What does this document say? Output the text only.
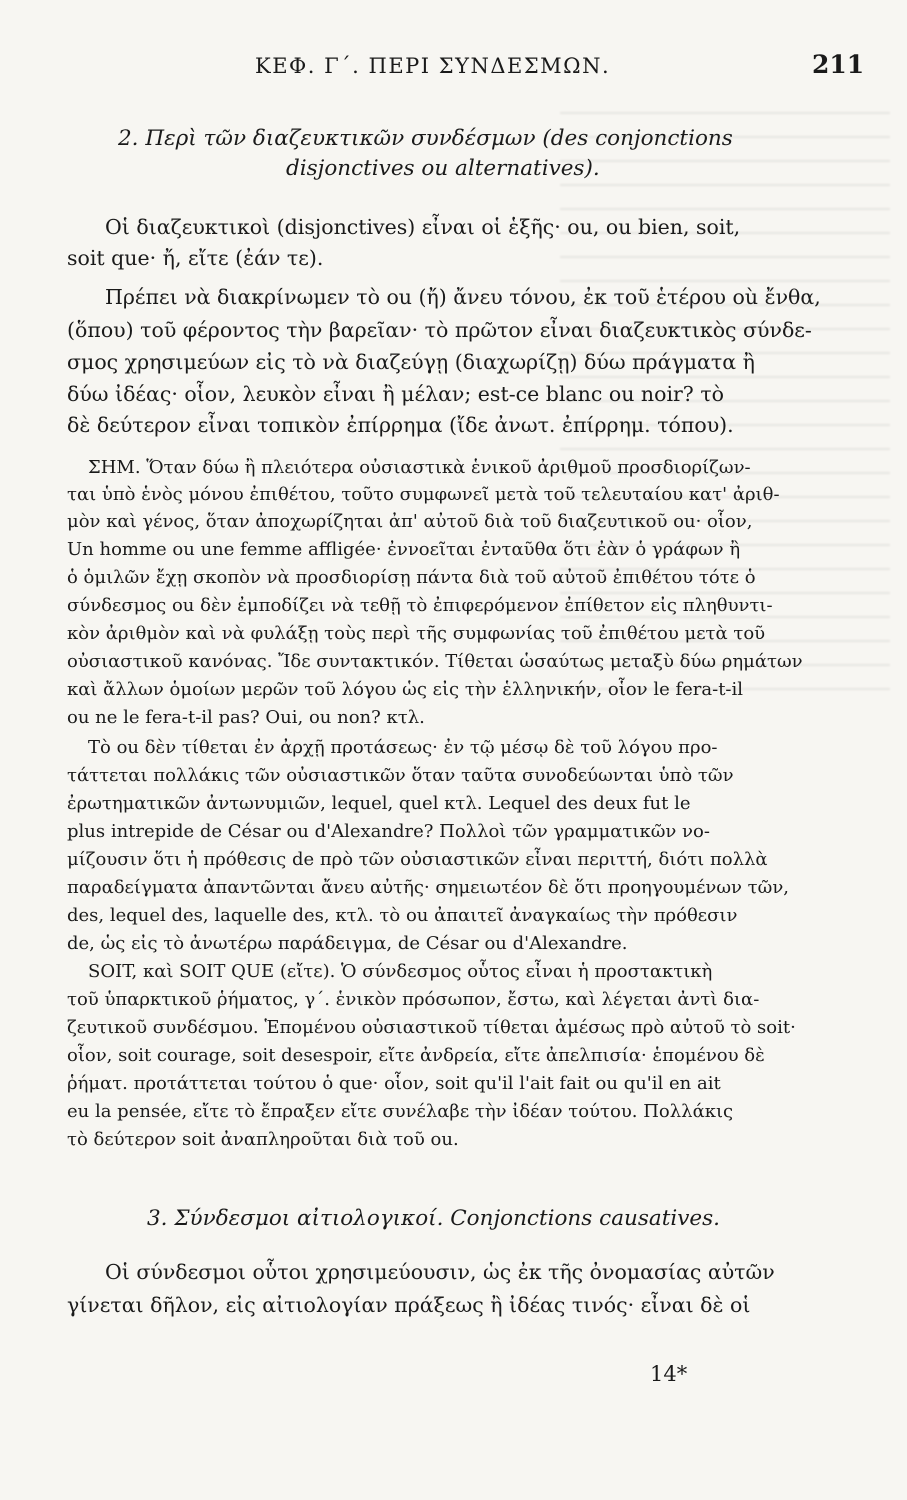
ΚΕΦ. Γ΄. ΠΕΡΙ ΣΥΝΔΕΣΜΩΝ.	211
2. Περὶ τῶν διαζευκτικῶν συνδέσμων (des conjonctions
disjonctives ou alternatives).
Οἱ διαζευκτικοὶ (disjonctives) εἶναι οἱ ἑξῆς· ou, ou bien, soit,
soit que· ἤ, εἴτε (ἐάν τε).
Πρέπει νὰ διακρίνωμεν τὸ ou (ἤ) ἄνευ τόνου, ἐκ τοῦ ἑτέρου où ἔνθα,
(ὅπου) τοῦ φέροντος τὴν βαρεῖαν· τὸ πρῶτον εἶναι διαζευκτικὸς σύνδε-
σμος χρησιμεύων εἰς τὸ νὰ διαζεύγῃ (διαχωρίζῃ) δύω πράγματα ἢ
δύω ἰδέας· οἷον, λευκὸν εἶναι ἢ μέλαν; est-ce blanc ou noir? τὸ
δὲ δεύτερον εἶναι τοπικὸν ἐπίρρημα (ἴδε ἀνωτ. ἐπίρρημ. τόπου).
ΣΗΜ. Ὅταν δύω ἢ πλειότερα οὐσιαστικὰ ἑνικοῦ ἀριθμοῦ προσδιορίζων-
ται ὑπὸ ἑνὸς μόνου ἐπιθέτου, τοῦτο συμφωνεῖ μετὰ τοῦ τελευταίου κατ' ἀριθ-
μὸν καὶ γένος, ὅταν ἀποχωρίζηται ἀπ' αὐτοῦ διὰ τοῦ διαζευτικοῦ ou· οἷον,
Un homme ou une femme affligée· ἐννοεῖται ἐνταῦθα ὅτι ἐὰν ὁ γράφων ἢ
ὁ ὁμιλῶν ἔχῃ σκοπὸν νὰ προσδιορίσῃ πάντα διὰ τοῦ αὐτοῦ ἐπιθέτου τότε ὁ
σύνδεσμος ou δὲν ἐμποδίζει νὰ τεθῇ τὸ ἐπιφερόμενον ἐπίθετον εἰς πληθυντι-
κὸν ἀριθμὸν καὶ νὰ φυλάξῃ τοὺς περὶ τῆς συμφωνίας τοῦ ἐπιθέτου μετὰ τοῦ
οὐσιαστικοῦ κανόνας. Ἴδε συντακτικόν. Τίθεται ὡσαύτως μεταξὺ δύω ρημάτων
καὶ ἄλλων ὁμοίων μερῶν τοῦ λόγου ὡς εἰς τὴν ἑλληνικήν, οἷον le fera-t-il
ou ne le fera-t-il pas? Oui, ou non? κτλ.
Τὸ ou δὲν τίθεται ἐν ἀρχῇ προτάσεως· ἐν τῷ μέσῳ δὲ τοῦ λόγου προ-
τάττεται πολλάκις τῶν οὐσιαστικῶν ὅταν ταῦτα συνοδεύωνται ὑπὸ τῶν
ἐρωτηματικῶν ἀντωνυμιῶν, lequel, quel κτλ. Lequel des deux fut le
plus intrepide de César ou d'Alexandre? Πολλοὶ τῶν γραμματικῶν νο-
μίζουσιν ὅτι ἡ πρόθεσις de πρὸ τῶν οὐσιαστικῶν εἶναι περιττή, διότι πολλὰ
παραδείγματα ἀπαντῶνται ἄνευ αὐτῆς· σημειωτέον δὲ ὅτι προηγουμένων τῶν,
des, lequel des, laquelle des, κτλ. τὸ ou ἀπαιτεῖ ἀναγκαίως τὴν πρόθεσιν
de, ὡς εἰς τὸ ἀνωτέρω παράδειγμα, de César ou d'Alexandre.
SOIT, καὶ SOIT QUE (εἴτε). Ὁ σύνδεσμος οὗτος εἶναι ἡ προστακτικὴ
τοῦ ὑπαρκτικοῦ ῥήματος, γ΄. ἑνικὸν πρόσωπον, ἔστω, καὶ λέγεται ἀντὶ δια-
ζευτικοῦ συνδέσμου. Ἑπομένου οὐσιαστικοῦ τίθεται ἀμέσως πρὸ αὐτοῦ τὸ soit·
οἷον, soit courage, soit desespoir, εἴτε ἀνδρεία, εἴτε ἀπελπισία· ἑπομένου δὲ
ῥήματ. προτάττεται τούτου ὁ que· οἷον, soit qu'il l'ait fait ou qu'il en ait
eu la pensée, εἴτε τὸ ἔπραξεν εἴτε συνέλαβε τὴν ἰδέαν τούτου. Πολλάκις
τὸ δεύτερον soit ἀναπληροῦται διὰ τοῦ ou.
3. Σύνδεσμοι αἰτιολογικοί. Conjonctions causatives.
Οἱ σύνδεσμοι οὗτοι χρησιμεύουσιν, ὡς ἐκ τῆς ὀνομασίας αὐτῶν
γίνεται δῆλον, εἰς αἰτιολογίαν πράξεως ἢ ἰδέας τινός· εἶναι δὲ οἱ
14*
